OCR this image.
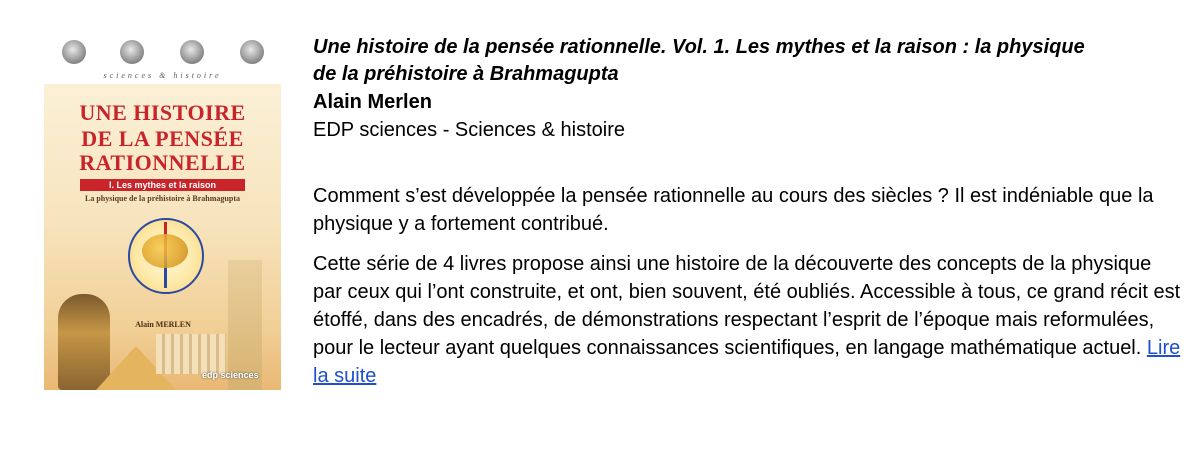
sciences & histoire
UNE HISTOIRE
DE LA PENSÉE
RATIONNELLE
I. Les mythes et la raison
La physique de la préhistoire à Brahmagupta
Alain MERLEN
edp sciences

Une histoire de la pensée rationnelle. Vol. 1. Les mythes et la raison : la physique de la préhistoire à Brahmagupta

Alain Merlen

EDP sciences - Sciences & histoire

Comment s’est développée la pensée rationnelle au cours des siècles ? Il est indéniable que la physique y a fortement contribué.

Cette série de 4 livres propose ainsi une histoire de la découverte des concepts de la physique par ceux qui l’ont construite, et ont, bien souvent, été oubliés. Accessible à tous, ce grand récit est étoffé, dans des encadrés, de démonstrations respectant l’esprit de l’époque mais reformulées, pour le lecteur ayant quelques connaissances scientifiques, en langage mathématique actuel. Lire la suite
